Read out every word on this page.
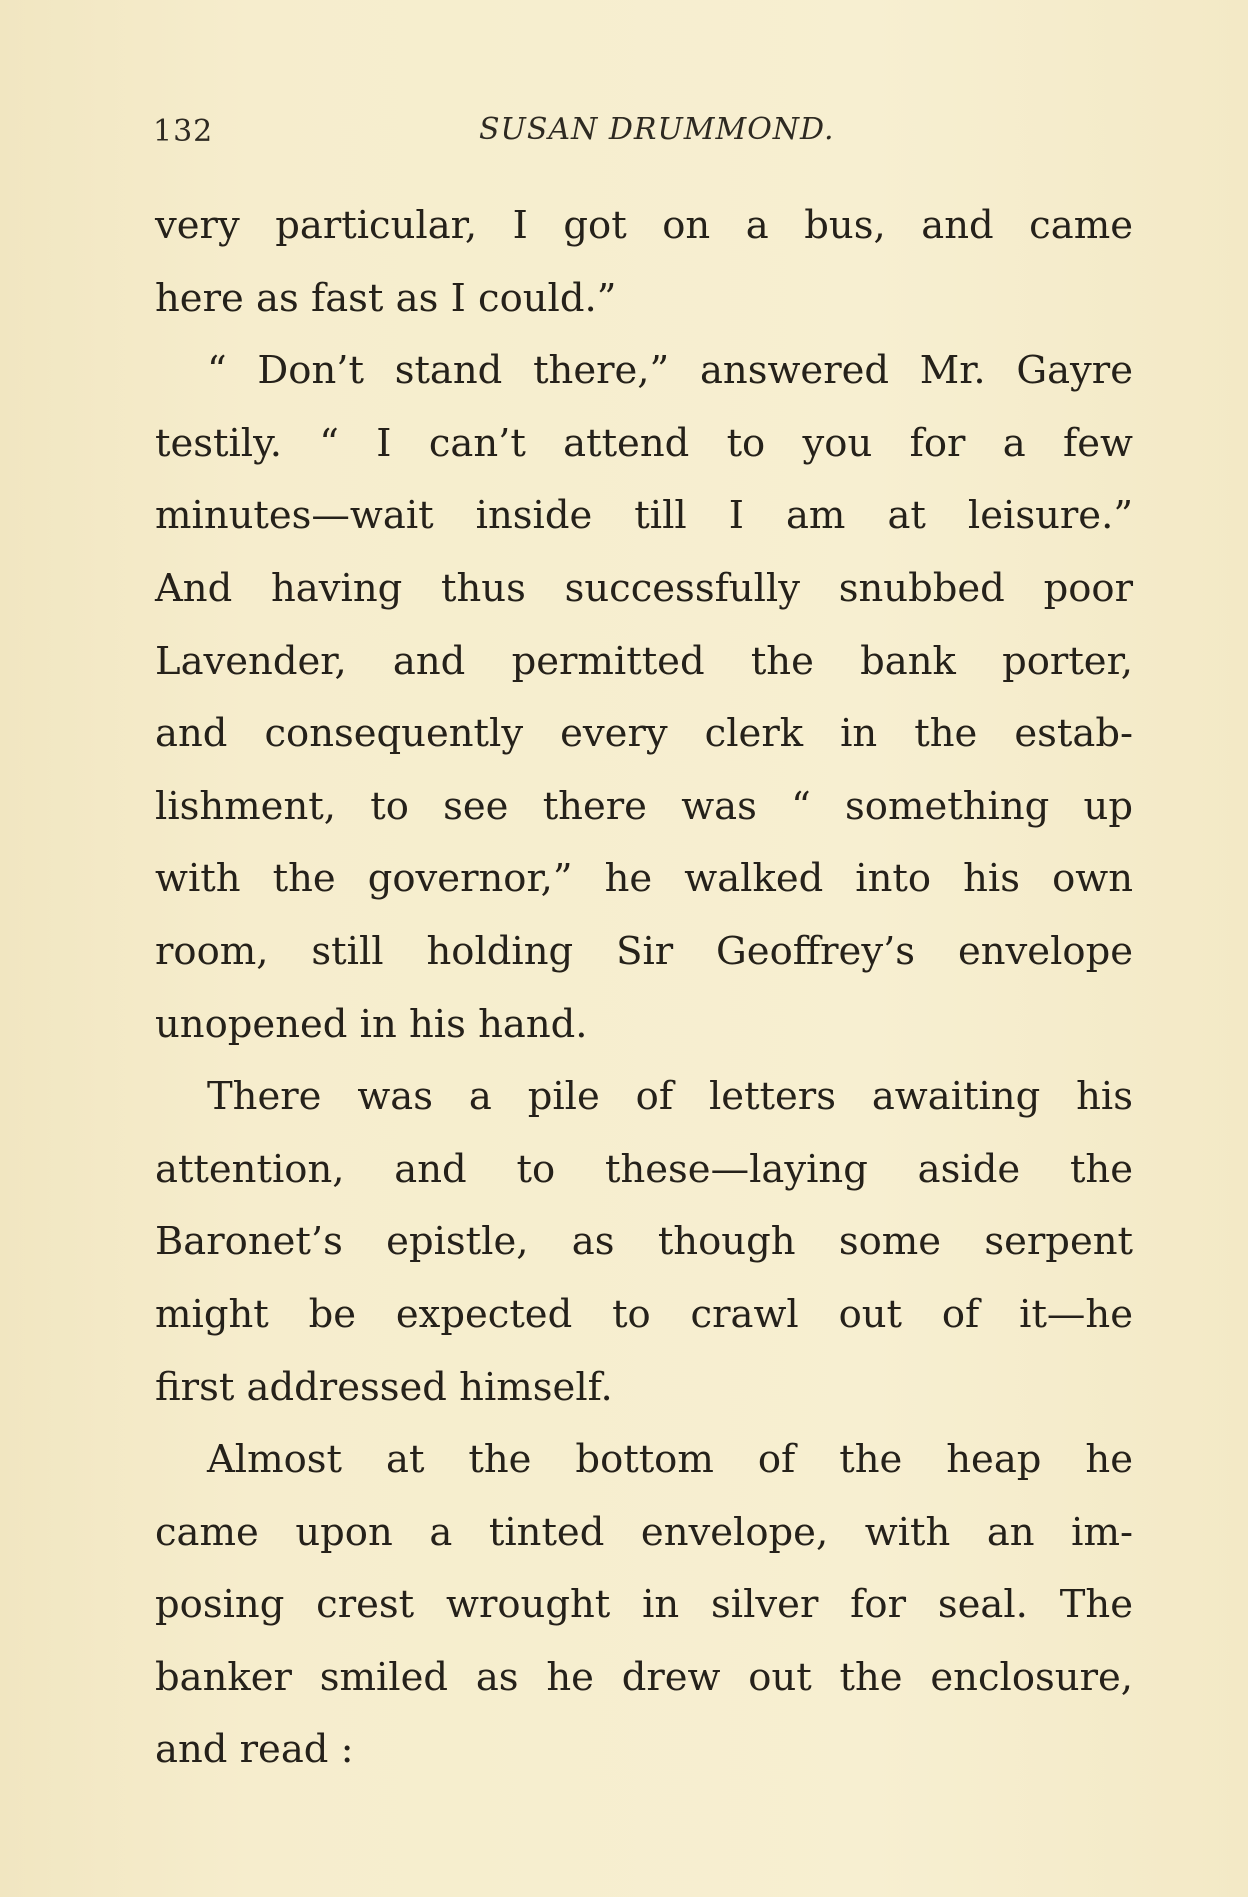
132	SUSAN DRUMMOND.
very particular, I got on a bus, and came
here as fast as I could.”
“ Don’t stand there,” answered Mr. Gayre
testily. “ I can’t attend to you for a few
minutes—wait inside till I am at leisure.”
And having thus successfully snubbed poor
Lavender, and permitted the bank porter,
and consequently every clerk in the estab-
lishment, to see there was “ something up
with the governor,” he walked into his own
room, still holding Sir Geoffrey’s envelope
unopened in his hand.
There was a pile of letters awaiting his
attention, and to these—laying aside the
Baronet’s epistle, as though some serpent
might be expected to crawl out of it—he
first addressed himself.
Almost at the bottom of the heap he
came upon a tinted envelope, with an im-
posing crest wrought in silver for seal. The
banker smiled as he drew out the enclosure,
and read :
